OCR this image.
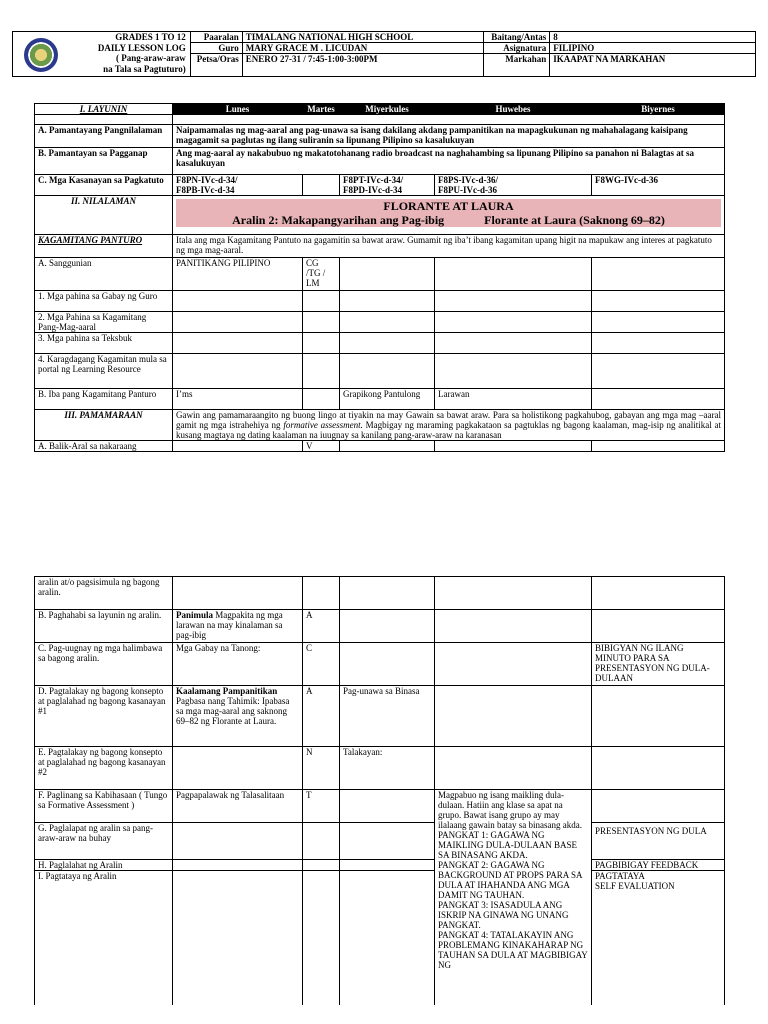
GRADES 1 TO 12
DAILY LESSON LOG
( Pang-araw-araw
na Tala sa Pagtuturo)	Paaralan	TIMALANG NATIONAL HIGH SCHOOL	Baitang/Antas	8
	Guro	MARY GRACE M . LICUDAN	Asignatura	FILIPINO
	Petsa/Oras	ENERO 27-31 / 7:45-1:00-3:00PM	Markahan	IKAAPAT NA MARKAHAN
I. LAYUNIN	Lunes	Martes	Miyerkules	Huwebes	Biyernes

A. Pamantayang Pangnilalaman	Naipamamalas ng mag-aaral ang pag-unawa sa isang dakilang akdang pampanitikan na mapagkukunan ng mahahalagang kaisipang magagamit sa paglutas ng ilang suliranin sa lipunang Pilipino sa kasalukuyan				
B. Pamantayan sa Pagganap	Ang mag-aaral ay nakabubuo ng makatotohanang radio broadcast na naghahambing sa lipunang Pilipino sa panahon ni Balagtas at sa kasalukuyan				
C. Mga Kasanayan sa Pagkatuto	F8PN-IVc-d-34/
F8PB-IVc-d-34		F8PT-IVc-d-34/
F8PD-IVc-d-34	F8PS-IVc-d-36/
F8PU-IVc-d-36	F8WG-IVc-d-36
II. NILALAMAN	FLORANTE AT LAURA
Aralin 2: Makapangyarihan ang Pag-ibig Florante at Laura (Saknong 69–82)				

KAGAMITANG PANTURO	Itala ang mga Kagamitang Pantuto na gagamitin sa bawat araw. Gumamit ng iba’t ibang kagamitan upang higit na mapukaw ang interes at pagkatuto ng mga mag-aaral.				
A. Sanggunian	PANITIKANG PILIPINO	CG
/TG /
LM			
1. Mga pahina sa Gabay ng Guro					
2. Mga Pahina sa Kagamitang Pang-Mag-aaral					
3. Mga pahina sa Teksbuk					
4. Karagdagang Kagamitan mula sa portal ng Learning Resource					
B. Iba pang Kagamitang Panturo	I’ms		Grapikong Pantulong	Larawan	
III. PAMAMARAAN	Gawin ang pamamaraangito ng buong lingo at tiyakin na may Gawain sa bawat araw. Para sa holistikong pagkahubog, gabayan ang mga mag –aaral gamit ng mga istrahehiya ng formative assessment. Magbigay ng maraming pagkakataon sa pagtuklas ng bagong kaalaman, mag-isip ng analitikal at kusang magtaya ng dating kaalaman na iuugnay sa kanilang pang-araw-araw na karanasan				
A. Balik-Aral sa nakaraang		V			
aralin at/o pagsisimula ng bagong aralin.					
B. Paghahabi sa layunin ng aralin.	Panimula Magpakita ng mga larawan na may kinalaman sa pag-ibig	A			
C. Pag-uugnay ng mga halimbawa sa bagong aralin.	Mga Gabay na Tanong:	C			BIBIGYAN NG ILANG MINUTO PARA SA PRESENTASYON NG DULA-DULAAN
D. Pagtalakay ng bagong konsepto at paglalahad ng bagong kasanayan #1	Kaalamang Pampanitikan
Pagbasa nang Tahimik: Ipabasa sa mga mag-aaral ang saknong 69–82 ng Florante at Laura.	A	Pag-unawa sa Binasa		
E. Pagtalakay ng bagong konsepto at paglalahad ng bagong kasanayan #2		N	Talakayan:		
F. Paglinang sa Kabihasaan ( Tungo sa Formative Assessment )	Pagpapalawak ng Talasalitaan	T		Magpabuo ng isang maikling dula-dulaan. Hatiin ang klase sa apat na grupo. Bawat isang grupo ay may ilalaang gawain batay sa binasang akda.
PANGKAT 1: GAGAWA NG MAIKLING DULA-DULAAN BASE SA BINASANG AKDA.
PANGKAT 2: GAGAWA NG BACKGROUND AT PROPS PARA SA DULA AT IHAHANDA ANG MGA DAMIT NG TAUHAN.
PANGKAT 3: ISASADULA ANG ISKRIP NA GINAWA NG UNANG PANGKAT.
PANGKAT 4: TATALAKAYIN ANG PROBLEMANG KINAKAHARAP NG TAUHAN SA DULA AT MAGBIBIGAY NG	
G. Paglalapat ng aralin sa pang-araw-araw na buhay					PRESENTASYON NG DULA
H. Paglalahat ng Aralin					PAGBIBIGAY FEEDBACK
I. Pagtataya ng Aralin					PAGTATAYA
SELF EVALUATION
